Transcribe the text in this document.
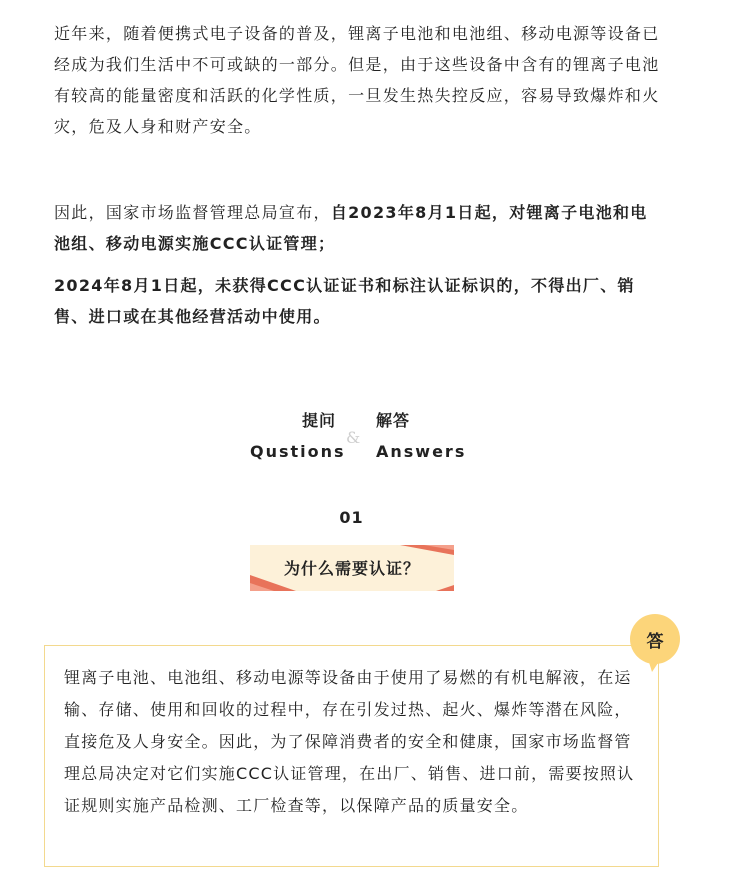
近年来，随着便携式电子设备的普及，锂离子电池和电池组、移动电源等设备已经成为我们生活中不可或缺的一部分。但是，由于这些设备中含有的锂离子电池有较高的能量密度和活跃的化学性质，一旦发生热失控反应，容易导致爆炸和火灾，危及人身和财产安全。

因此，国家市场监督管理总局宣布，自2023年8月1日起，对锂离子电池和电池组、移动电源实施CCC认证管理；

2024年8月1日起，未获得CCC认证证书和标注认证标识的，不得出厂、销售、进口或在其他经营活动中使用。

提问 解答
&
Qustions Answers
01
为什么需要认证？

锂离子电池、电池组、移动电源等设备由于使用了易燃的有机电解液，在运输、存储、使用和回收的过程中，存在引发过热、起火、爆炸等潜在风险，直接危及人身安全。因此，为了保障消费者的安全和健康，国家市场监督管理总局决定对它们实施CCC认证管理，在出厂、销售、进口前，需要按照认证规则实施产品检测、工厂检查等，以保障产品的质量安全。

答
